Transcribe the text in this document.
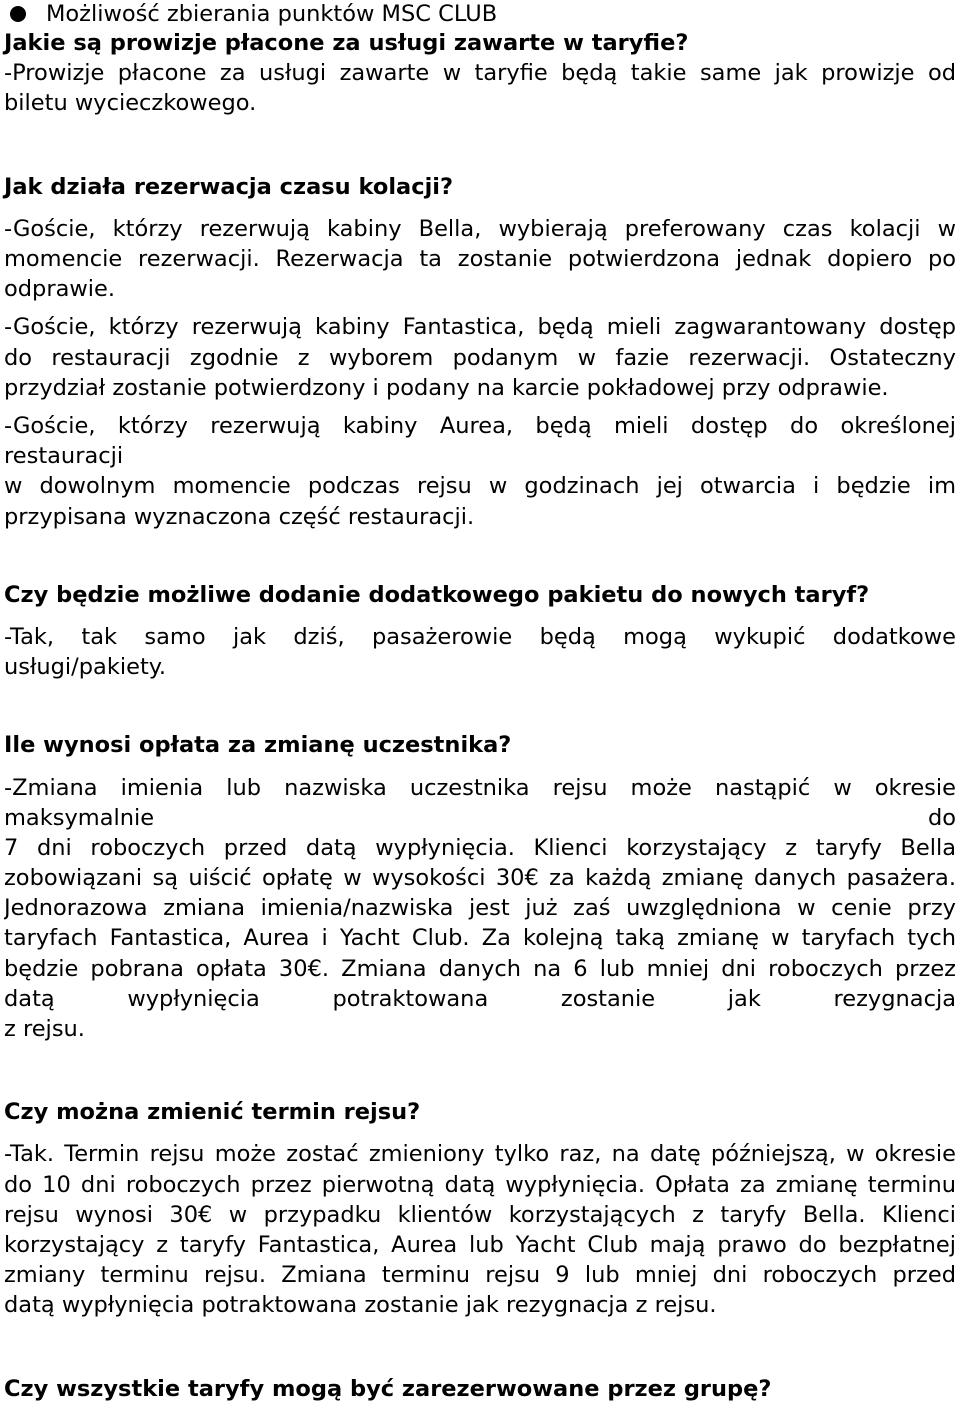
Możliwość zbierania punktów MSC CLUB
Jakie są prowizje płacone za usługi zawarte w taryfie?
-Prowizje płacone za usługi zawarte w taryfie będą takie same jak prowizje od
biletu wycieczkowego.
Jak działa rezerwacja czasu kolacji?
-Goście, którzy rezerwują kabiny Bella, wybierają preferowany czas kolacji w
momencie rezerwacji. Rezerwacja ta zostanie potwierdzona jednak dopiero po
odprawie.
-Goście, którzy rezerwują kabiny Fantastica, będą mieli zagwarantowany dostęp
do restauracji zgodnie z wyborem podanym w fazie rezerwacji. Ostateczny
przydział zostanie potwierdzony i podany na karcie pokładowej przy odprawie.
-Goście, którzy rezerwują kabiny Aurea, będą mieli dostęp do określonej
restauracji
w dowolnym momencie podczas rejsu w godzinach jej otwarcia i będzie im
przypisana wyznaczona część restauracji.
Czy będzie możliwe dodanie dodatkowego pakietu do nowych taryf?
-Tak, tak samo jak dziś, pasażerowie będą mogą wykupić dodatkowe
usługi/pakiety.
Ile wynosi opłata za zmianę uczestnika?
-Zmiana imienia lub nazwiska uczestnika rejsu może nastąpić w okresie
maksymalnie do
7 dni roboczych przed datą wypłynięcia. Klienci korzystający z taryfy Bella
zobowiązani są uiścić opłatę w wysokości 30€ za każdą zmianę danych pasażera.
Jednorazowa zmiana imienia/nazwiska jest już zaś uwzględniona w cenie przy
taryfach Fantastica, Aurea i Yacht Club. Za kolejną taką zmianę w taryfach tych
będzie pobrana opłata 30€. Zmiana danych na 6 lub mniej dni roboczych przez
datą wypłynięcia potraktowana zostanie jak rezygnacja
z rejsu.
Czy można zmienić termin rejsu?
-Tak. Termin rejsu może zostać zmieniony tylko raz, na datę późniejszą, w okresie
do 10 dni roboczych przez pierwotną datą wypłynięcia. Opłata za zmianę terminu
rejsu wynosi 30€ w przypadku klientów korzystających z taryfy Bella. Klienci
korzystający z taryfy Fantastica, Aurea lub Yacht Club mają prawo do bezpłatnej
zmiany terminu rejsu. Zmiana terminu rejsu 9 lub mniej dni roboczych przed
datą wypłynięcia potraktowana zostanie jak rezygnacja z rejsu.
Czy wszystkie taryfy mogą być zarezerwowane przez grupę?
